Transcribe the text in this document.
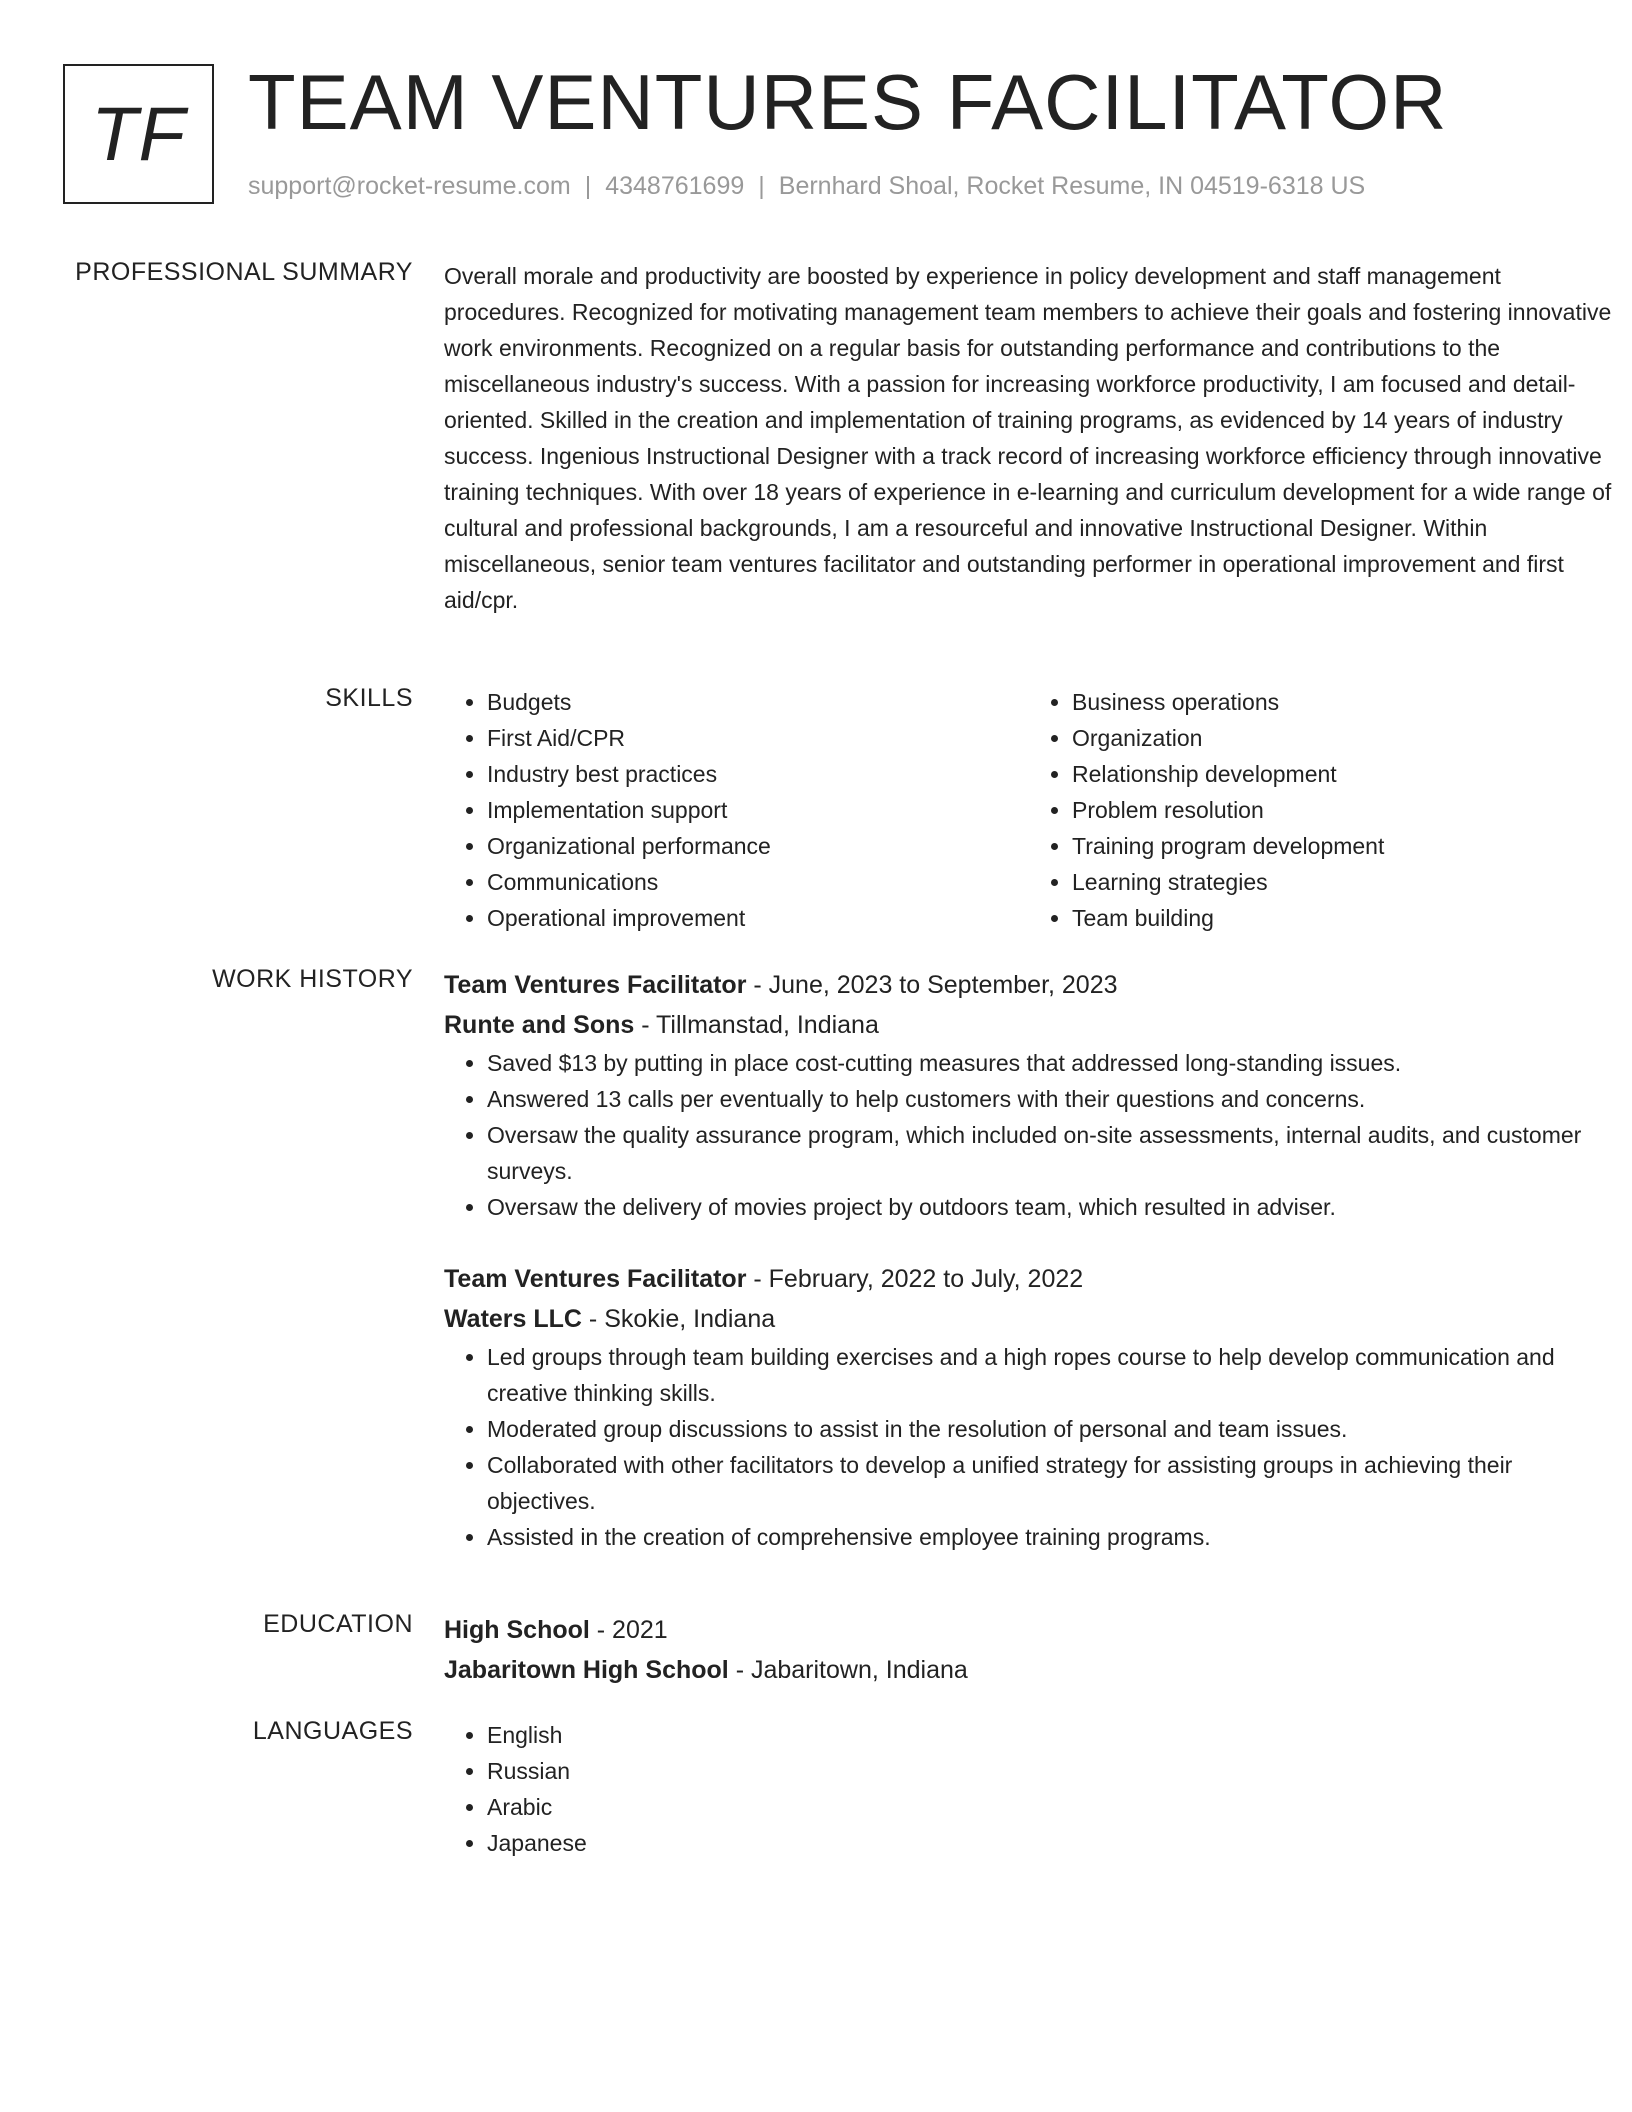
TF TEAM VENTURES FACILITATOR
support@rocket-resume.com | 4348761699 | Bernhard Shoal, Rocket Resume, IN 04519-6318 US
PROFESSIONAL SUMMARY Overall morale and productivity are boosted by experience in policy development and staff management procedures. Recognized for motivating management team members to achieve their goals and fostering innovative work environments. Recognized on a regular basis for outstanding performance and contributions to the miscellaneous industry's success. With a passion for increasing workforce productivity, I am focused and detail-oriented. Skilled in the creation and implementation of training programs, as evidenced by 14 years of industry success. Ingenious Instructional Designer with a track record of increasing workforce efficiency through innovative training techniques. With over 18 years of experience in e-learning and curriculum development for a wide range of cultural and professional backgrounds, I am a resourceful and innovative Instructional Designer. Within miscellaneous, senior team ventures facilitator and outstanding performer in operational improvement and first aid/cpr.

SKILLS	• Budgets
• First Aid/CPR
• Industry best practices
• Implementation support
• Organizational performance
• Communications
• Operational improvement
• Business operations
• Organization
• Relationship development
• Problem resolution
• Training program development
• Learning strategies
• Team building
WORK HISTORY Team Ventures Facilitator - June, 2023 to September, 2023
Runte and Sons - Tillmanstad, Indiana
• Saved $13 by putting in place cost-cutting measures that addressed long-standing issues.
• Answered 13 calls per eventually to help customers with their questions and concerns.
• Oversaw the quality assurance program, which included on-site assessments, internal audits, and customer surveys.
• Oversaw the delivery of movies project by outdoors team, which resulted in adviser.
Team Ventures Facilitator - February, 2022 to July, 2022
Waters LLC - Skokie, Indiana
• Led groups through team building exercises and a high ropes course to help develop communication and creative thinking skills.
• Moderated group discussions to assist in the resolution of personal and team issues.
• Collaborated with other facilitators to develop a unified strategy for assisting groups in achieving their objectives.
• Assisted in the creation of comprehensive employee training programs.
EDUCATION High School - 2021
Jabaritown High School - Jabaritown, Indiana
LANGUAGES	• English
• Russian
• Arabic
• Japanese
